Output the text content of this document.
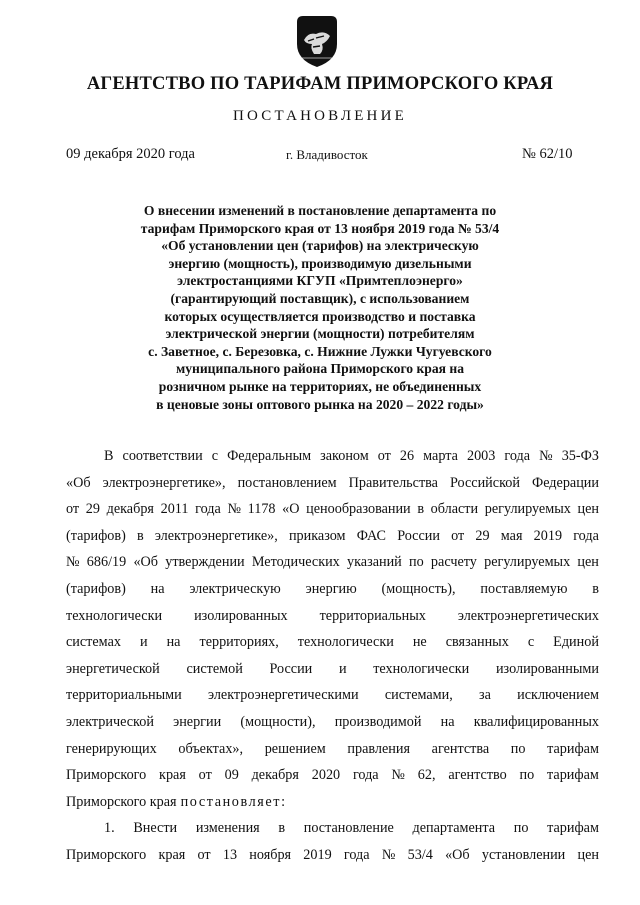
АГЕНТСТВО ПО ТАРИФАМ ПРИМОРСКОГО КРАЯ
ПОСТАНОВЛЕНИЕ
09 декабря 2020 года	г. Владивосток	№ 62/10
О внесении изменений в постановление департамента по
тарифам Приморского края от 13 ноября 2019 года № 53/4
«Об установлении цен (тарифов) на электрическую
энергию (мощность), производимую дизельными
электростанциями КГУП «Примтеплоэнерго»
(гарантирующий поставщик), с использованием
которых осуществляется производство и поставка
электрической энергии (мощности) потребителям
с. Заветное, с. Березовка, с. Нижние Лужки Чугуевского
муниципального района Приморского края на
розничном рынке на территориях, не объединенных
в ценовые зоны оптового рынка на 2020 – 2022 годы»
В соответствии с Федеральным законом от 26 марта 2003 года № 35-ФЗ
«Об электроэнергетике», постановлением Правительства Российской Федерации
от 29 декабря 2011 года № 1178 «О ценообразовании в области регулируемых цен
(тарифов) в электроэнергетике», приказом ФАС России от 29 мая 2019 года
№ 686/19 «Об утверждении Методических указаний по расчету регулируемых цен
(тарифов) на электрическую энергию (мощность), поставляемую в
технологически изолированных территориальных электроэнергетических
системах и на территориях, технологически не связанных с Единой
энергетической системой России и технологически изолированными
территориальными электроэнергетическими системами, за исключением
электрической энергии (мощности), производимой на квалифицированных
генерирующих объектах», решением правления агентства по тарифам
Приморского края от 09 декабря 2020 года № 62, агентство по тарифам
Приморского края постановляет:
1. Внести изменения в постановление департамента по тарифам
Приморского края от 13 ноября 2019 года № 53/4 «Об установлении цен
